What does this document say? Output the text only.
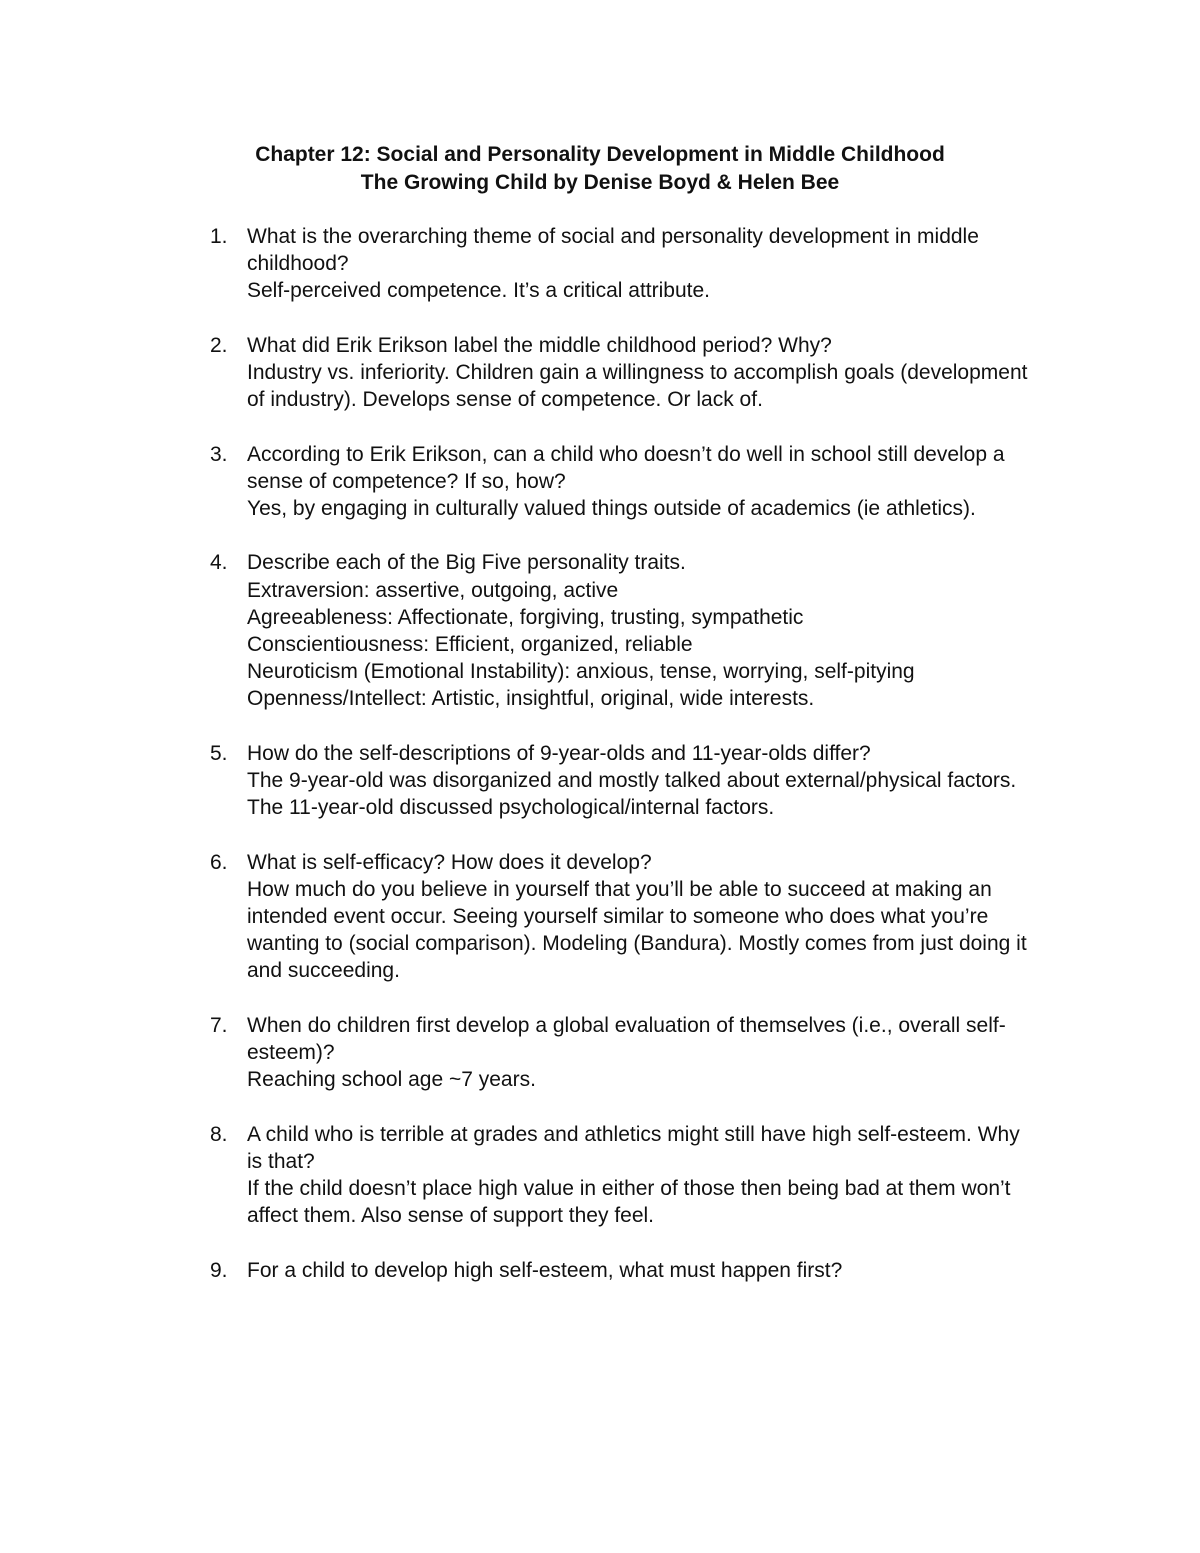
Chapter 12: Social and Personality Development in Middle Childhood
The Growing Child by Denise Boyd & Helen Bee
1. What is the overarching theme of social and personality development in middle childhood?
Self-perceived competence. It’s a critical attribute.
2. What did Erik Erikson label the middle childhood period? Why?
Industry vs. inferiority. Children gain a willingness to accomplish goals (development of industry). Develops sense of competence. Or lack of.
3. According to Erik Erikson, can a child who doesn’t do well in school still develop a sense of competence? If so, how?
Yes, by engaging in culturally valued things outside of academics (ie athletics).
4. Describe each of the Big Five personality traits.
Extraversion: assertive, outgoing, active
Agreeableness: Affectionate, forgiving, trusting, sympathetic
Conscientiousness: Efficient, organized, reliable
Neuroticism (Emotional Instability): anxious, tense, worrying, self-pitying
Openness/Intellect: Artistic, insightful, original, wide interests.
5. How do the self-descriptions of 9-year-olds and 11-year-olds differ?
The 9-year-old was disorganized and mostly talked about external/physical factors. The 11-year-old discussed psychological/internal factors.
6. What is self-efficacy? How does it develop?
How much do you believe in yourself that you’ll be able to succeed at making an intended event occur. Seeing yourself similar to someone who does what you’re wanting to (social comparison). Modeling (Bandura). Mostly comes from just doing it and succeeding.
7. When do children first develop a global evaluation of themselves (i.e., overall self-esteem)?
Reaching school age ~7 years.
8. A child who is terrible at grades and athletics might still have high self-esteem. Why is that?
If the child doesn’t place high value in either of those then being bad at them won’t affect them. Also sense of support they feel.
9. For a child to develop high self-esteem, what must happen first?
